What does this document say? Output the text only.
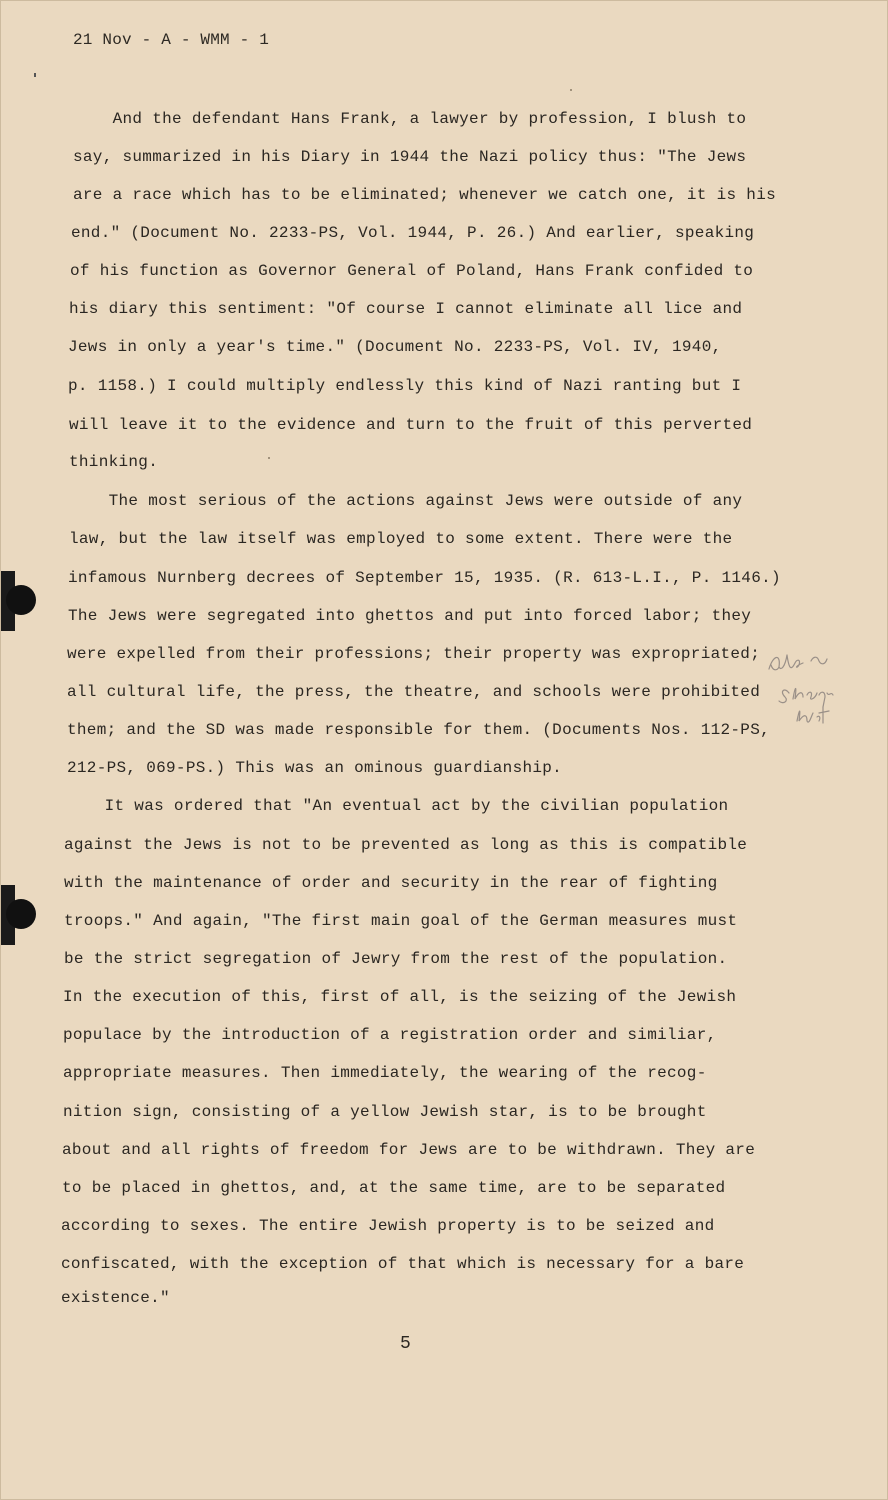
21 Nov - A - WMM - 1
And the defendant Hans Frank, a lawyer by profession, I blush to
say, summarized in his Diary in 1944 the Nazi policy thus: "The Jews
are a race which has to be eliminated; whenever we catch one, it is his
end." (Document No. 2233-PS, Vol. 1944, P. 26.) And earlier, speaking
of his function as Governor General of Poland, Hans Frank confided to
his diary this sentiment: "Of course I cannot eliminate all lice and
Jews in only a year's time." (Document No. 2233-PS, Vol. IV, 1940,
p. 1158.) I could multiply endlessly this kind of Nazi ranting but I
will leave it to the evidence and turn to the fruit of this perverted
thinking.
The most serious of the actions against Jews were outside of any
law, but the law itself was employed to some extent. There were the
infamous Nurnberg decrees of September 15, 1935. (R. 613-L.I., P. 1146.)
The Jews were segregated into ghettos and put into forced labor; they
were expelled from their professions; their property was expropriated;
all cultural life, the press, the theatre, and schools were prohibited
them; and the SD was made responsible for them. (Documents Nos. 112-PS,
212-PS, 069-PS.) This was an ominous guardianship.
It was ordered that "An eventual act by the civilian population
against the Jews is not to be prevented as long as this is compatible
with the maintenance of order and security in the rear of fighting
troops." And again, "The first main goal of the German measures must
be the strict segregation of Jewry from the rest of the population.
In the execution of this, first of all, is the seizing of the Jewish
populace by the introduction of a registration order and similiar,
appropriate measures. Then immediately, the wearing of the recog-
nition sign, consisting of a yellow Jewish star, is to be brought
about and all rights of freedom for Jews are to be withdrawn. They are
to be placed in ghettos, and, at the same time, are to be separated
according to sexes. The entire Jewish property is to be seized and
confiscated, with the exception of that which is necessary for a bare
existence."
5
